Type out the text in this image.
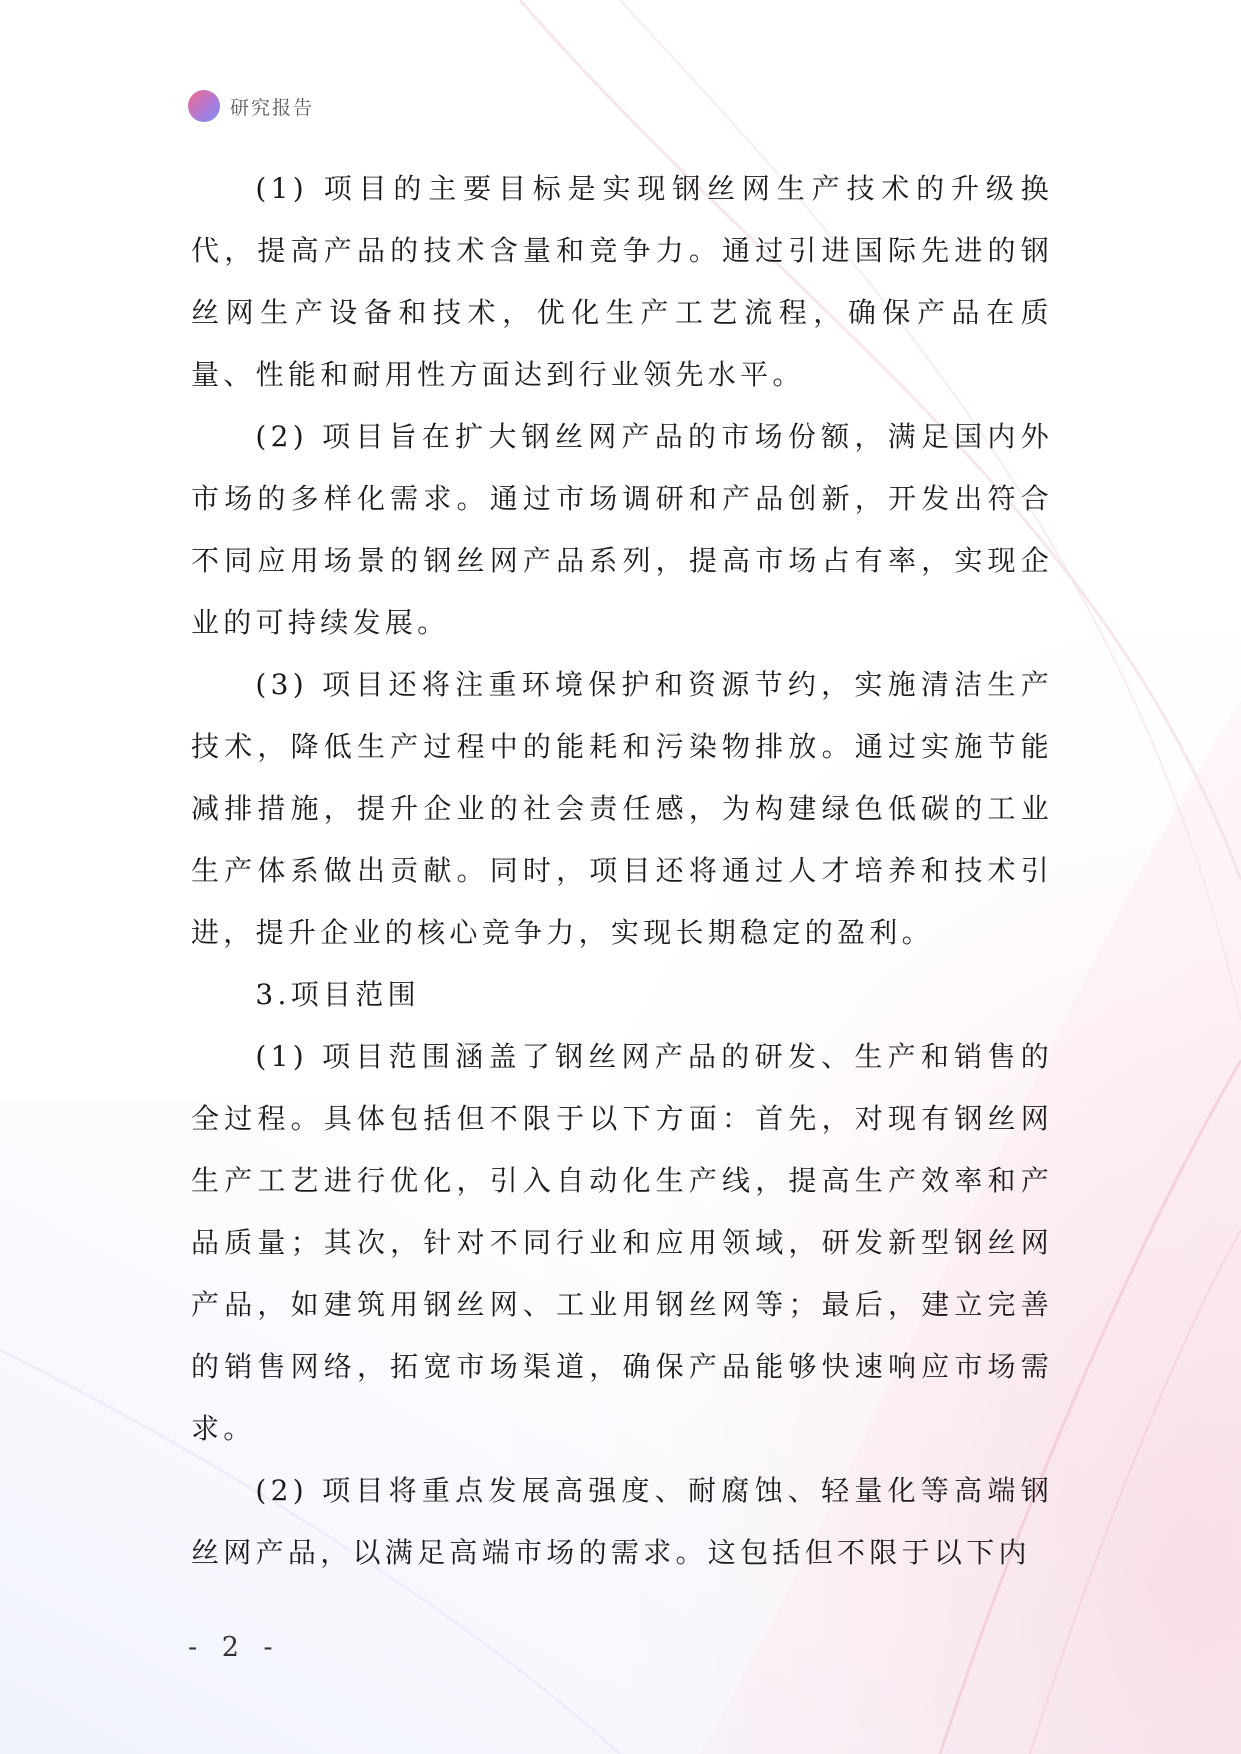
研究报告

(1) 项目的主要目标是实现钢丝网生产技术的升级换代，提高产品的技术含量和竞争力。通过引进国际先进的钢丝网生产设备和技术，优化生产工艺流程，确保产品在质量、性能和耐用性方面达到行业领先水平。

(2) 项目旨在扩大钢丝网产品的市场份额，满足国内外市场的多样化需求。通过市场调研和产品创新，开发出符合不同应用场景的钢丝网产品系列，提高市场占有率，实现企业的可持续发展。

(3) 项目还将注重环境保护和资源节约，实施清洁生产技术，降低生产过程中的能耗和污染物排放。通过实施节能减排措施，提升企业的社会责任感，为构建绿色低碳的工业生产体系做出贡献。同时，项目还将通过人才培养和技术引进，提升企业的核心竞争力，实现长期稳定的盈利。

3.项目范围

(1) 项目范围涵盖了钢丝网产品的研发、生产和销售的全过程。具体包括但不限于以下方面：首先，对现有钢丝网生产工艺进行优化，引入自动化生产线，提高生产效率和产品质量；其次，针对不同行业和应用领域，研发新型钢丝网产品，如建筑用钢丝网、工业用钢丝网等；最后，建立完善的销售网络，拓宽市场渠道，确保产品能够快速响应市场需求。

(2) 项目将重点发展高强度、耐腐蚀、轻量化等高端钢丝网产品，以满足高端市场的需求。这包括但不限于以下内

- 2 -
